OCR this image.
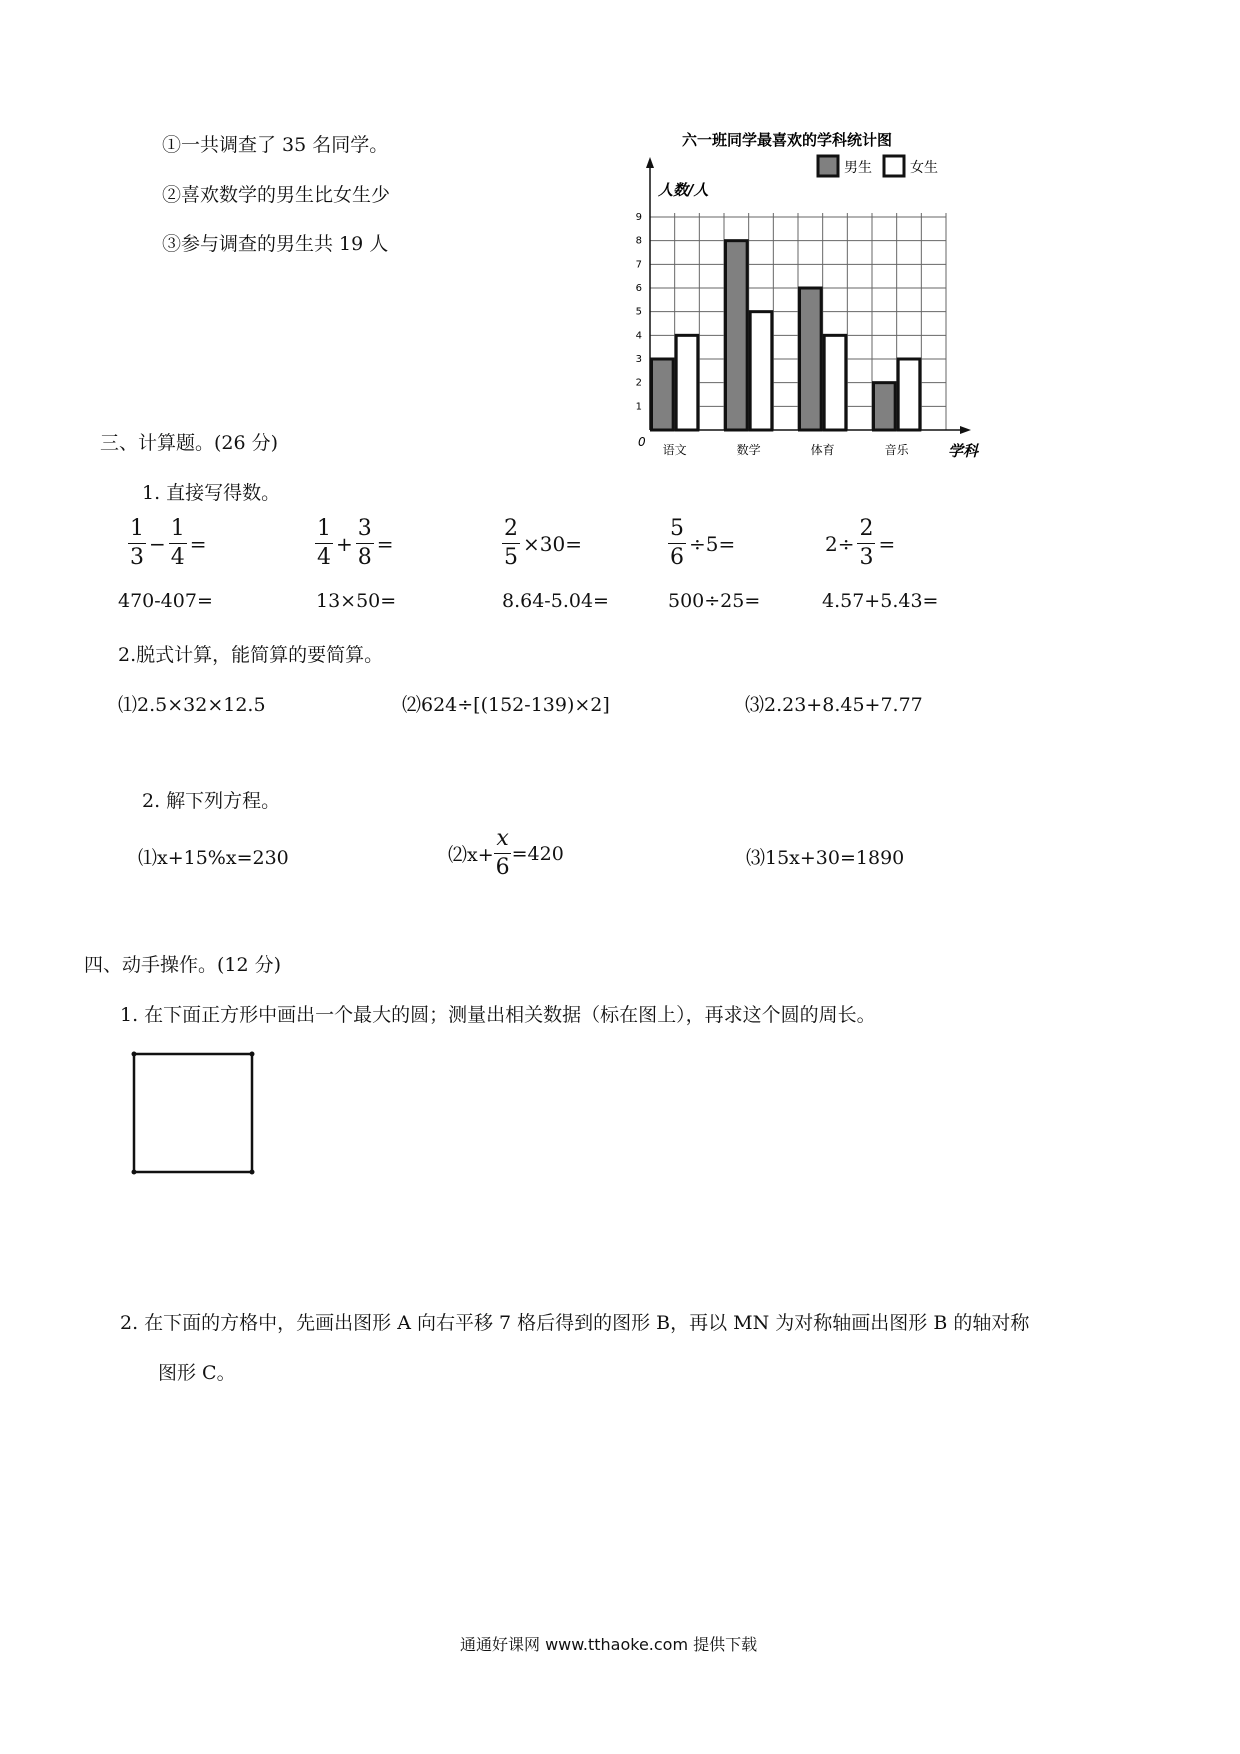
①一共调查了 35 名同学。
②喜欢数学的男生比女生少
③参与调查的男生共 19 人
六一班同学最喜欢的学科统计图
1
2
3
4
5
6
7
8
9
0
人数/人
学科
语文	数学	体育	音乐
男生	女生
三、计算题。(26 分)
1. 直接写得数。
$\frac{1}{3} - \frac{1}{4}$ =	$\frac{1}{4} + \frac{3}{8}$ =	$\frac{2}{5} \times 30=$	$\frac{5}{6} \div 5=$	$2\div \frac{2}{3}$ =
470-407=	13×50=	8.64-5.04=	500÷25=	4.57+5.43=
2.脱式计算，能简算的要简算。
⑴2.5×32×12.5	⑵624÷[(152-139)×2]	⑶2.23+8.45+7.77
2. 解下列方程。
⑴x+15%x=230	⑵x+ $\frac{x}{6} =420$	⑶15x+30=1890
四、动手操作。(12 分)
1. 在下面正方形中画出一个最大的圆；测量出相关数据（标在图上），再求这个圆的周长。
2. 在下面的方格中，先画出图形 A 向右平移 7 格后得到的图形 B，再以 MN 为对称轴画出图形 B 的轴对称
图形 C。
通通好课网 www.tthaoke.com 提供下载
